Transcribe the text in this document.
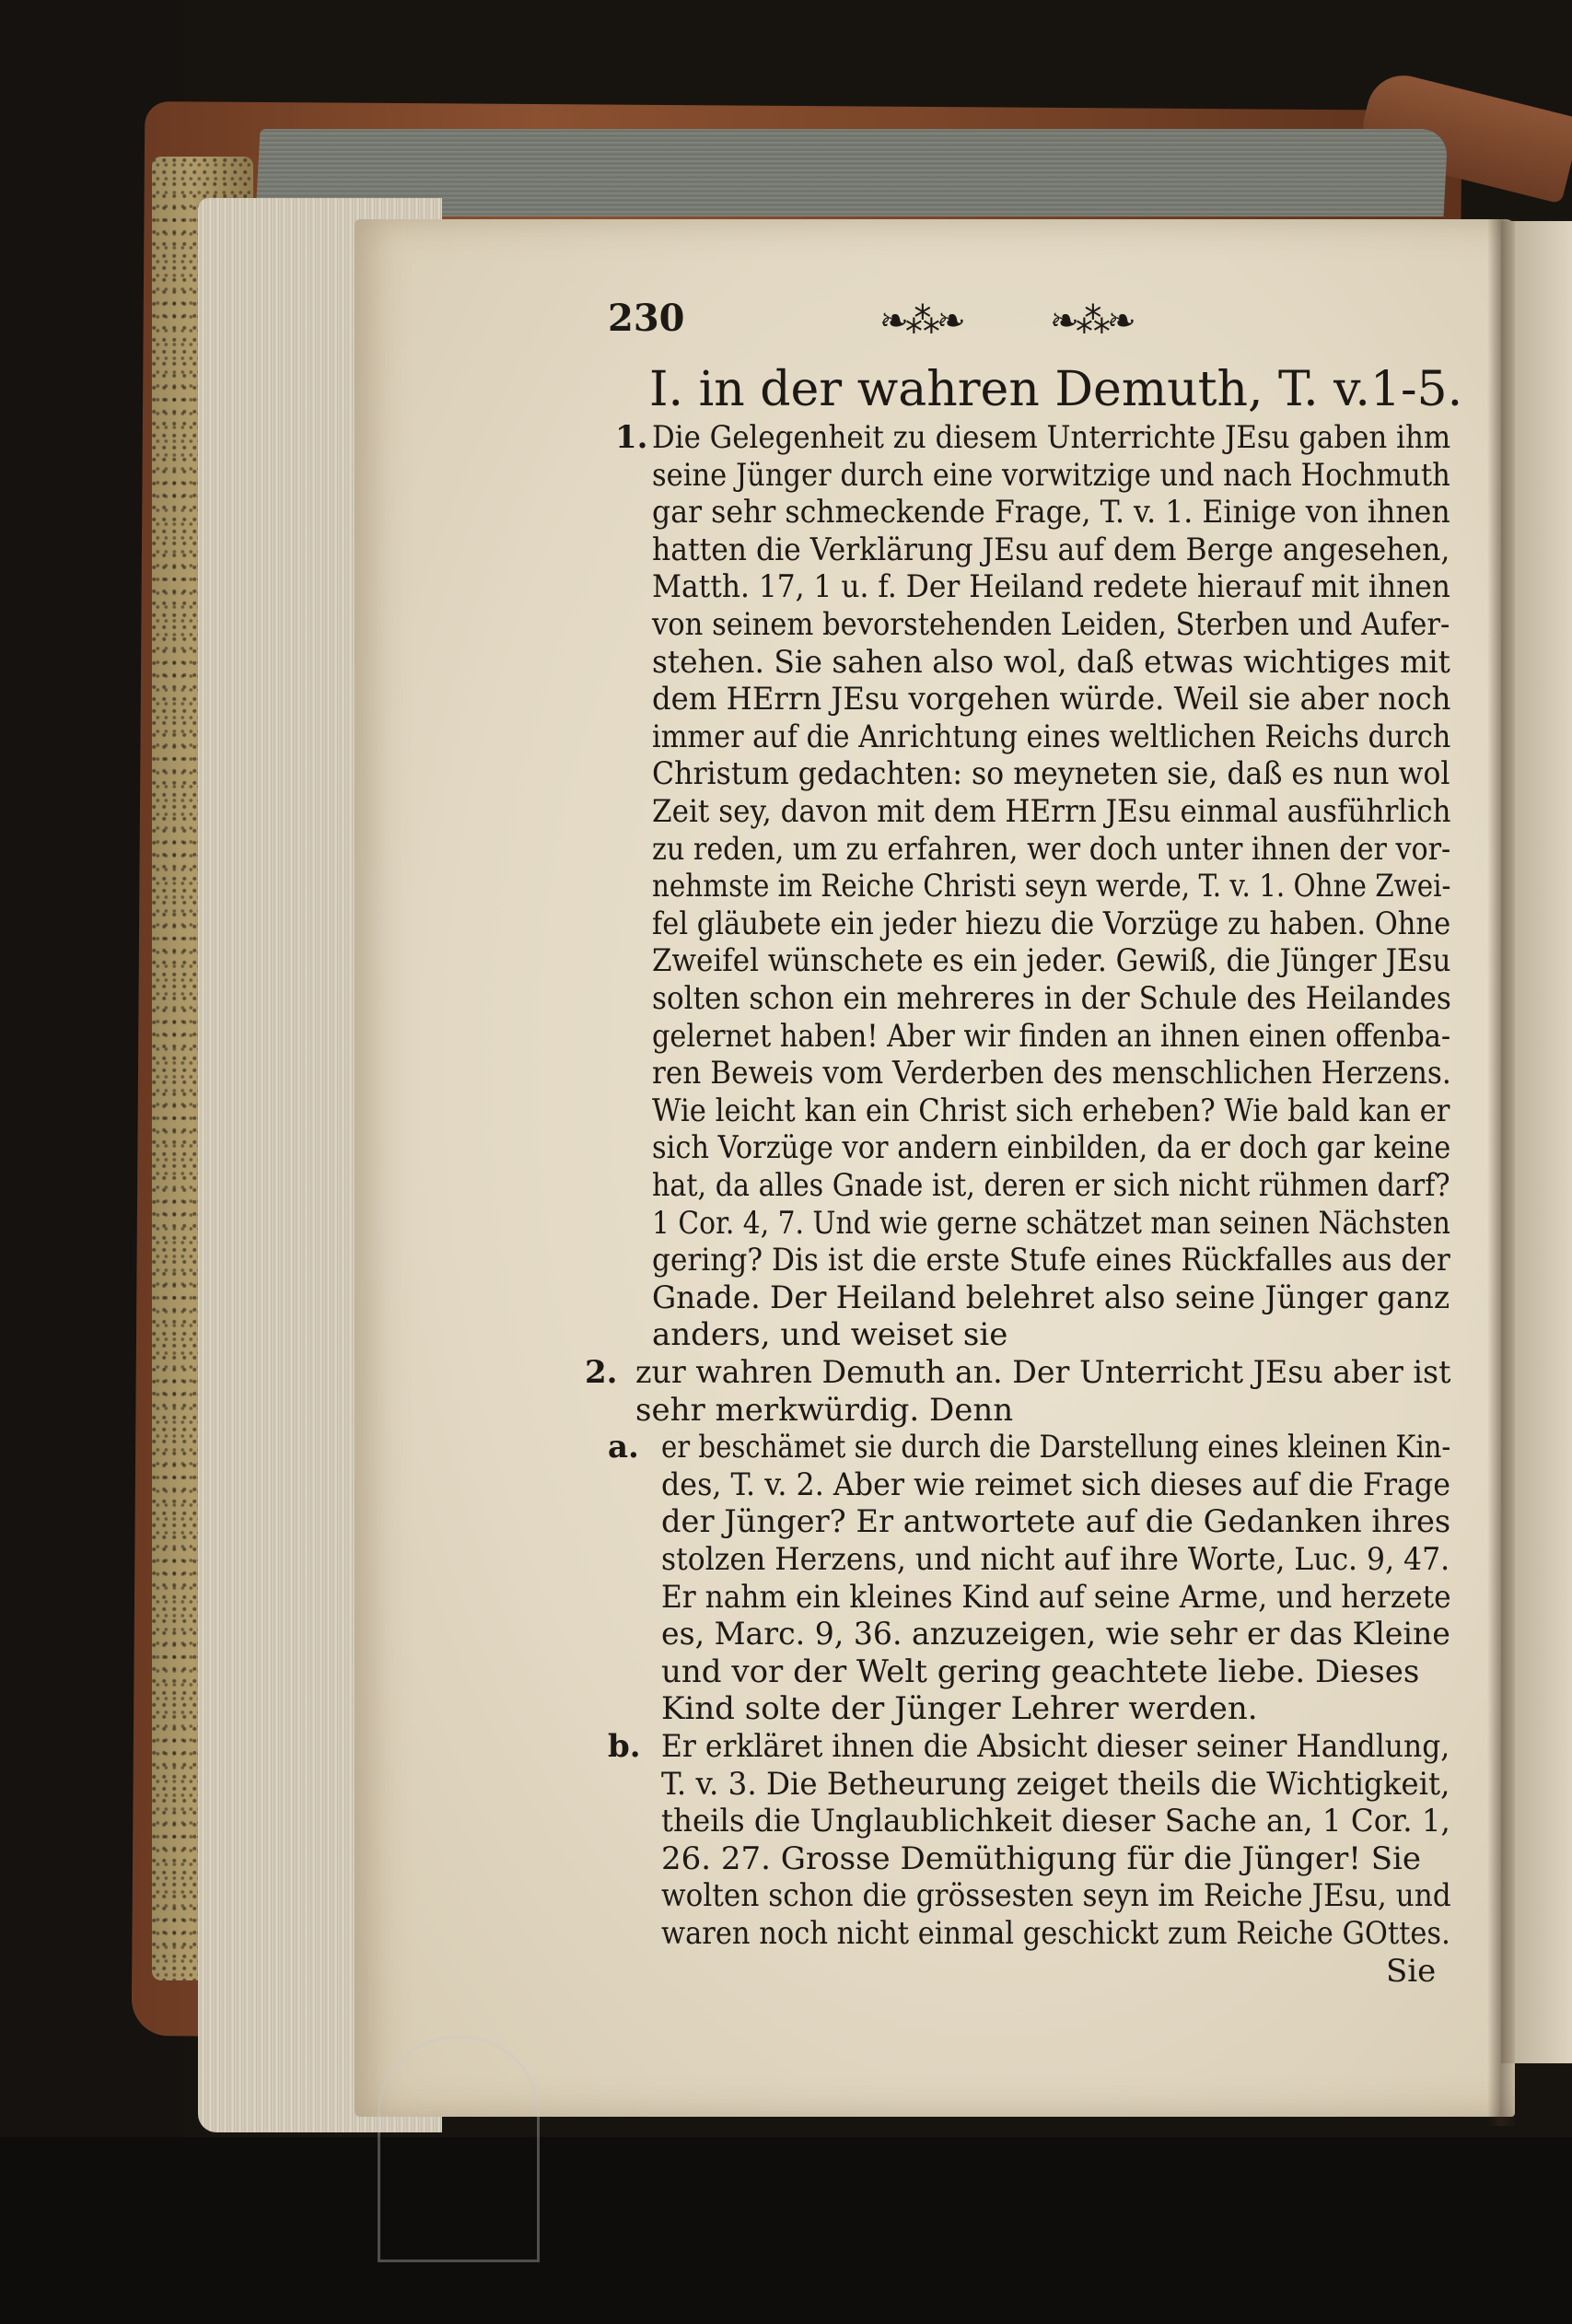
230	❧⁂❧	❧⁂❧
I. in der wahren Demuth, T. v.1-5.
1. Die Gelegenheit zu diesem Unterrichte JEsu gaben ihm
seine Jünger durch eine vorwitzige und nach Hochmuth
gar sehr schmeckende Frage, T. v. 1. Einige von ihnen
hatten die Verklärung JEsu auf dem Berge angesehen,
Matth. 17, 1 u. f. Der Heiland redete hierauf mit ihnen
von seinem bevorstehenden Leiden, Sterben und Aufer-
stehen. Sie sahen also wol, daß etwas wichtiges mit
dem HErrn JEsu vorgehen würde. Weil sie aber noch
immer auf die Anrichtung eines weltlichen Reichs durch
Christum gedachten: so meyneten sie, daß es nun wol
Zeit sey, davon mit dem HErrn JEsu einmal ausführlich
zu reden, um zu erfahren, wer doch unter ihnen der vor-
nehmste im Reiche Christi seyn werde, T. v. 1. Ohne Zwei-
fel gläubete ein jeder hiezu die Vorzüge zu haben. Ohne
Zweifel wünschete es ein jeder. Gewiß, die Jünger JEsu
solten schon ein mehreres in der Schule des Heilandes
gelernet haben! Aber wir finden an ihnen einen offenba-
ren Beweis vom Verderben des menschlichen Herzens.
Wie leicht kan ein Christ sich erheben? Wie bald kan er
sich Vorzüge vor andern einbilden, da er doch gar keine
hat, da alles Gnade ist, deren er sich nicht rühmen darf?
1 Cor. 4, 7. Und wie gerne schätzet man seinen Nächsten
gering? Dis ist die erste Stufe eines Rückfalles aus der
Gnade. Der Heiland belehret also seine Jünger ganz
anders, und weiset sie
2. zur wahren Demuth an. Der Unterricht JEsu aber ist
sehr merkwürdig. Denn
a. er beschämet sie durch die Darstellung eines kleinen Kin-
des, T. v. 2. Aber wie reimet sich dieses auf die Frage
der Jünger? Er antwortete auf die Gedanken ihres
stolzen Herzens, und nicht auf ihre Worte, Luc. 9, 47.
Er nahm ein kleines Kind auf seine Arme, und herzete
es, Marc. 9, 36. anzuzeigen, wie sehr er das Kleine
und vor der Welt gering geachtete liebe. Dieses
Kind solte der Jünger Lehrer werden.
b. Er erkläret ihnen die Absicht dieser seiner Handlung,
T. v. 3. Die Betheurung zeiget theils die Wichtigkeit,
theils die Unglaublichkeit dieser Sache an, 1 Cor. 1,
26. 27. Grosse Demüthigung für die Jünger! Sie
wolten schon die grössesten seyn im Reiche JEsu, und
waren noch nicht einmal geschickt zum Reiche GOttes.
Sie
